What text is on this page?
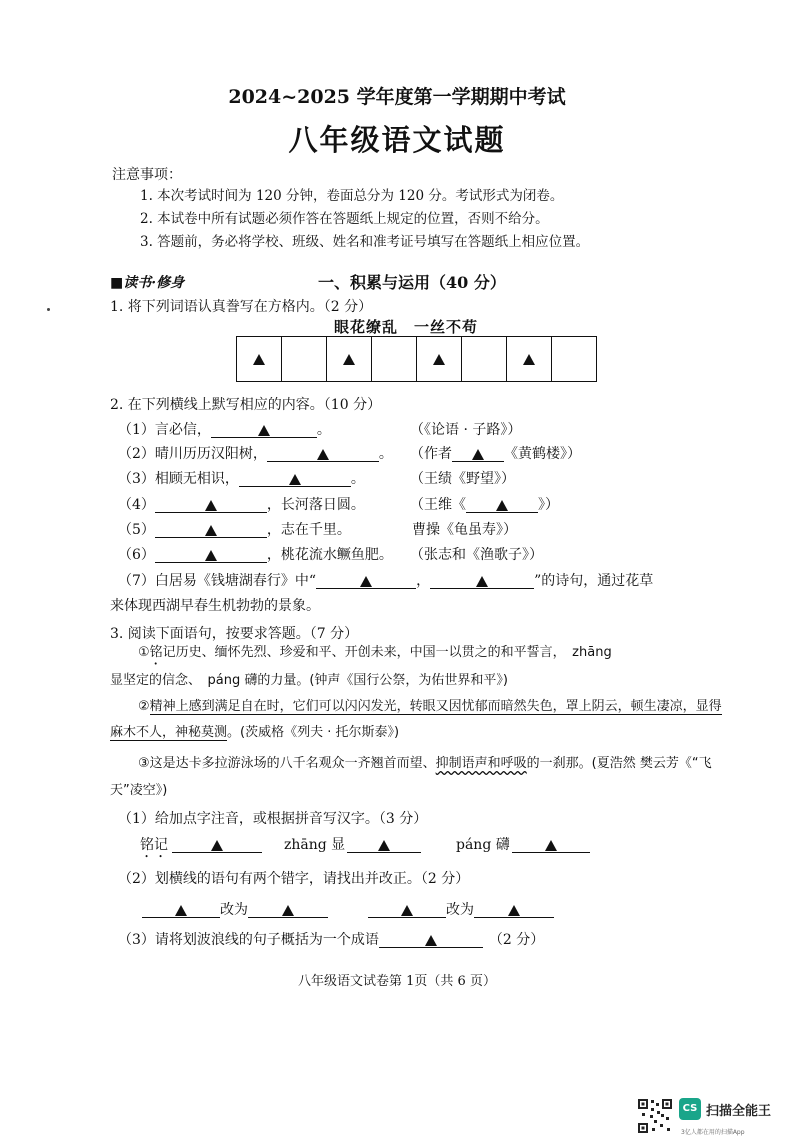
2024~2025 学年度第一学期期中考试
八年级语文试题
注意事项：
1. 本次考试时间为 120 分钟，卷面总分为 120 分。考试形式为闭卷。
2. 本试卷中所有试题必须作答在答题纸上规定的位置，否则不给分。
3. 答题前，务必将学校、班级、姓名和准考证号填写在答题纸上相应位置。
■读书·修身	一、积累与运用（40 分）
1. 将下列词语认真誊写在方格内。（2 分）
眼花缭乱　一丝不苟
2. 在下列横线上默写相应的内容。（10 分）
（1）言必信，	。	（《论语 · 子路》）
（2）晴川历历汉阳树，	。 （作者	《黄鹤楼》）
（3）相顾无相识，	。	（王绩《野望》）
（4）	，长河落日圆。	（王维《	》）
（5）	，志在千里。	曹操《龟虽寿》）
（6）	，桃花流水鳜鱼肥。 （张志和《渔歌子》）
（7）白居易《钱塘湖春行》中“	，	”的诗句，通过花草
来体现西湖早春生机勃勃的景象。
3. 阅读下面语句，按要求答题。（7 分）
①铭记历史、缅怀先烈、珍爱和平、开创未来，中国一以贯之的和平誓言，　zhāng
显坚定的信念、　páng 礴的力量。(钟声《国行公祭，为佑世界和平》)
②精神上感到满足自在时，它们可以闪闪发光，转眼又因忧郁而暗然失色，罩上阴云，顿生凄凉，显得麻木不人，神秘莫测。(茨威格《列夫 · 托尔斯泰》)
③这是达卡多拉游泳场的八千名观众一齐翘首而望、抑制语声和呼吸的一刹那。(夏浩然 樊云芳《“飞天”凌空》)
（1）给加点字注音，或根据拼音写汉字。（3 分）
铭记	zhāng 显	páng 礴
（2）划横线的语句有两个错字，请找出并改正。（2 分）
改为	改为
（3）请将划波浪线的句子概括为一个成语	（2 分）
八年级语文试卷第 1页（共 6 页）
CS 扫描全能王
3亿人都在用的扫描App
